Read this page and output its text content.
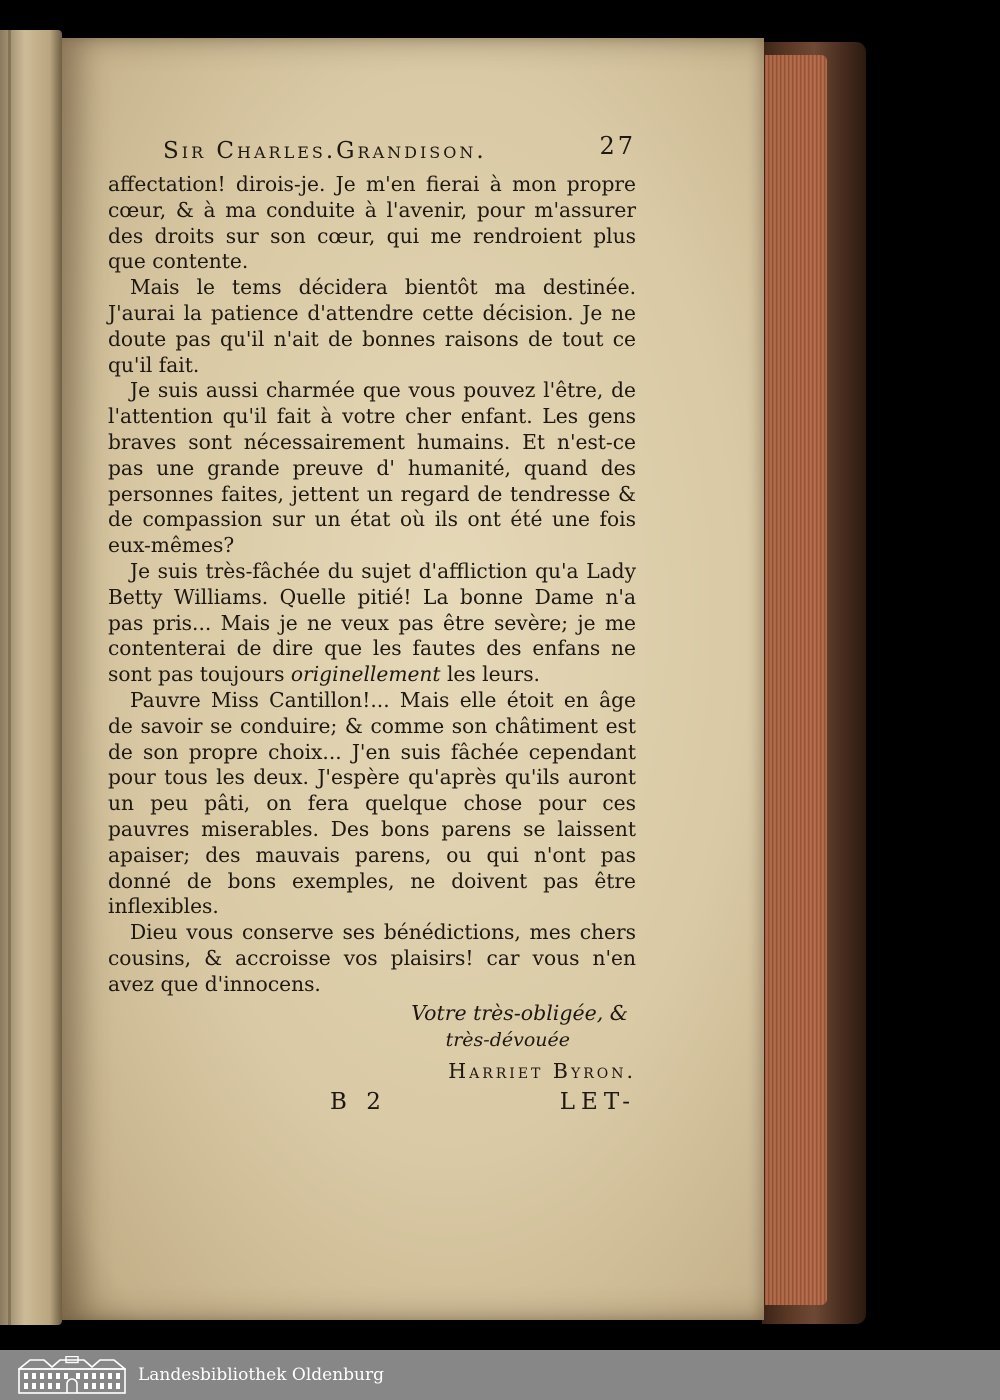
Sir Charles.Grandison.	27

affectation! dirois-je. Je m'en fierai à mon propre cœur, & à ma conduite à l'avenir, pour m'assurer des droits sur son cœur, qui me rendroient plus que contente.

Mais le tems décidera bientôt ma destinée. J'aurai la patience d'attendre cette décision. Je ne doute pas qu'il n'ait de bonnes raisons de tout ce qu'il fait.

Je suis aussi charmée que vous pouvez l'être, de l'attention qu'il fait à votre cher enfant. Les gens braves sont nécessairement humains. Et n'est-ce pas une grande preuve d' humanité, quand des personnes faites, jettent un regard de tendresse & de compassion sur un état où ils ont été une fois eux-mêmes?

Je suis très-fâchée du sujet d'affliction qu'a Lady Betty Williams. Quelle pitié! La bonne Dame n'a pas pris... Mais je ne veux pas être sevère; je me contenterai de dire que les fautes des enfans ne sont pas toujours originellement les leurs.

Pauvre Miss Cantillon!... Mais elle étoit en âge de savoir se conduire; & comme son châtiment est de son propre choix... J'en suis fâchée cependant pour tous les deux. J'espère qu'après qu'ils auront un peu pâti, on fera quelque chose pour ces pauvres miserables. Des bons parens se laissent apaiser; des mauvais parens, ou qui n'ont pas donné de bons exemples, ne doivent pas être inflexibles.

Dieu vous conserve ses bénédictions, mes chers cousins, & accroisse vos plaisirs! car vous n'en avez que d'innocens.

Votre très-obligée, &
très-dévouée
Harriet Byron.
B 2	LET-
Landesbibliothek Oldenburg
